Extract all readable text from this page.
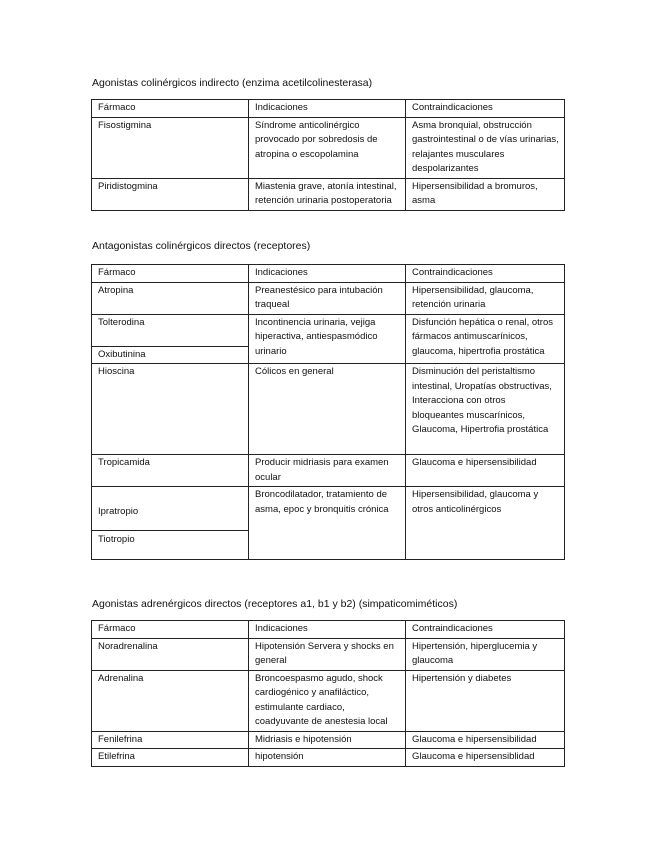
Agonistas colinérgicos indirecto (enzima acetilcolinesterasa)
Fármaco	Indicaciones	Contraindicaciones
Fisostigmina	Síndrome anticolinérgico provocado por sobredosis de atropina o escopolamina	Asma bronquial, obstrucción gastrointestinal o de vías urinarias, relajantes musculares despolarizantes
Piridistogmina	Miastenia grave, atonía intestinal, retención urinaria postoperatoria	Hipersensibilidad a bromuros, asma
Antagonistas colinérgicos directos (receptores)
Fármaco	Indicaciones	Contraindicaciones
Atropina	Preanestésico para intubación traqueal	Hipersensibilidad, glaucoma, retención urinaria
Tolterodina	Incontinencia urinaria, vejiga hiperactiva, antiespasmódico urinario	Disfunción hepática o renal, otros fármacos antimuscarínicos, glaucoma, hipertrofia prostática
Oxibutinina		
Hioscina	Cólicos en general	Disminución del peristaltismo intestinal, Uropatías obstructivas, Interacciona con otros bloqueantes muscarínicos, Glaucoma, Hipertrofia prostática
Tropicamida	Producir midriasis para examen ocular	Glaucoma e hipersensibilidad
Ipratropio	Broncodilatador, tratamiento de asma, epoc y bronquitis crónica	Hipersensibilidad, glaucoma y otros anticolinérgicos
Tiotropio		
Agonistas adrenérgicos directos (receptores a1, b1 y b2) (simpaticomiméticos)
Fármaco	Indicaciones	Contraindicaciones
Noradrenalina	Hipotensión Servera y shocks en general	Hipertensión, hiperglucemia y glaucoma
Adrenalina	Broncoespasmo agudo, shock cardiogénico y anafiláctico, estimulante cardiaco, coadyuvante de anestesia local	Hipertensión y diabetes
Fenilefrina	Midriasis e hipotensión	Glaucoma e hipersensibilidad
Etilefrina	hipotensión	Glaucoma e hipersensiblidad
